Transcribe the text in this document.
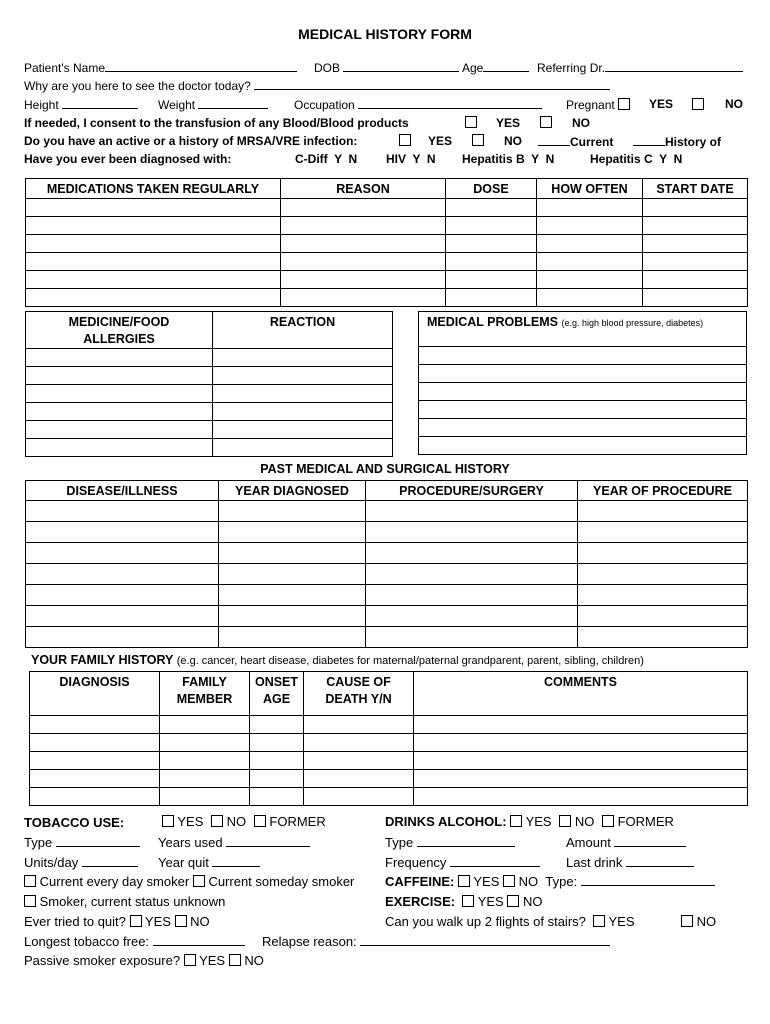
MEDICAL HISTORY FORM
Patient's Name	DOB	Age	Referring Dr.
Why are you here to see the doctor today?
Height	Weight	Occupation	Pregnant	YES	NO
If needed, I consent to the transfusion of any Blood/Blood products	YES	NO
Do you have an active or a history of MRSA/VRE infection:	YES	NO	Current	History of
Have you ever been diagnosed with:	C-Diff  Y  N HIV  Y  N Hepatitis B  Y  N	Hepatitis C  Y  N
MEDICATIONS TAKEN REGULARLY	REASON	DOSE	HOW OFTEN	START DATE

MEDICINE/FOOD ALLERGIES	REACTION

		MEDICAL PROBLEMS (e.g. high blood pressure, diabetes)

PAST MEDICAL AND SURGICAL HISTORY
DISEASE/ILLNESS	YEAR DIAGNOSED	PROCEDURE/SURGERY	YEAR OF PROCEDURE

YOUR FAMILY HISTORY (e.g. cancer, heart disease, diabetes for maternal/paternal grandparent, parent, sibling, children)
DIAGNOSIS	FAMILY MEMBER	ONSET AGE	CAUSE OF DEATH Y/N	COMMENTS

TOBACCO USE:	YES NO FORMER
Type	Years used
Units/day	Year quit
Current every day smoker Current someday smoker
Smoker, current status unknown
Ever tried to quit? YES NO
Longest tobacco free:	Relapse reason:
Passive smoker exposure? YES NO
DRINKS ALCOHOL: YES NO FORMER
Type	Amount
Frequency	Last drink
CAFFEINE: YES NO Type:
EXERCISE: YES NO
Can you walk up 2 flights of stairs? YES	NO
